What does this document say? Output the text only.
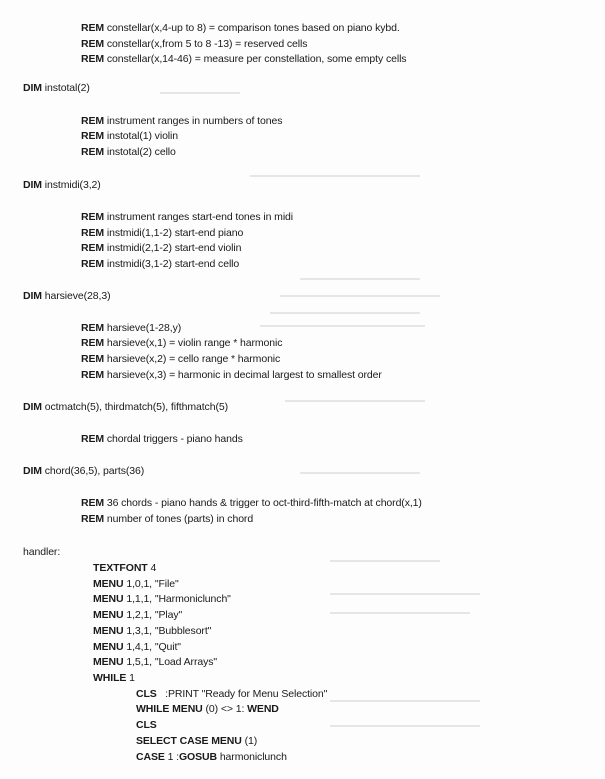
REM constellar(x,4-up to 8) = comparison tones based on piano kybd.
REM constellar(x,from 5 to 8 -13) = reserved cells
REM constellar(x,14-46) = measure per constellation, some empty cells
DIM instotal(2)
REM instrument ranges in numbers of tones
REM instotal(1) violin
REM instotal(2) cello
DIM instmidi(3,2)
REM instrument ranges start-end tones in midi
REM instmidi(1,1-2) start-end piano
REM instmidi(2,1-2) start-end violin
REM instmidi(3,1-2) start-end cello
DIM harsieve(28,3)
REM harsieve(1-28,y)
REM harsieve(x,1) = violin range * harmonic
REM harsieve(x,2) = cello range * harmonic
REM harsieve(x,3) = harmonic in decimal largest to smallest order
DIM octmatch(5), thirdmatch(5), fifthmatch(5)
REM chordal triggers - piano hands
DIM chord(36,5), parts(36)
REM 36 chords - piano hands & trigger to oct-third-fifth-match at chord(x,1)
REM number of tones (parts) in chord
handler:
TEXTFONT 4
MENU 1,0,1, "File"
MENU 1,1,1, "Harmoniclunch"
MENU 1,2,1, "Play"
MENU 1,3,1, "Bubblesort"
MENU 1,4,1, "Quit"
MENU 1,5,1, "Load Arrays"
WHILE 1
CLS   :PRINT "Ready for Menu Selection"
WHILE MENU (0) <> 1: WEND
CLS
SELECT CASE MENU (1)
CASE 1 :GOSUB harmoniclunch
